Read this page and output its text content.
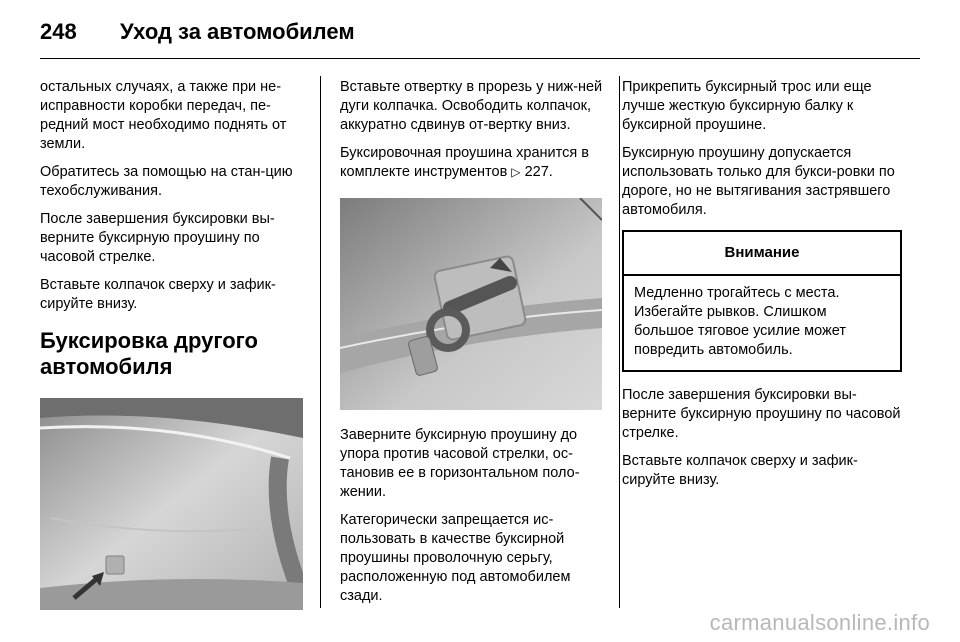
248	Уход за автомобилем

остальных случаях, а также при не-исправности коробки передач, пе-редний мост необходимо поднять от земли.

Обратитесь за помощью на стан-цию техобслуживания.

После завершения буксировки вы-верните буксирную проушину по часовой стрелке.

Вставьте колпачок сверху и зафик-сируйте внизу.

Буксировка другого
автомобиля

Вставьте отвертку в прорезь у ниж-ней дуги колпачка. Освободить колпачок, аккуратно сдвинув от-вертку вниз.

Буксировочная проушина хранится в комплекте инструментов ▷ 227.

Заверните буксирную проушину до упора против часовой стрелки, ос-тановив ее в горизонтальном поло-жении.

Категорически запрещается ис-пользовать в качестве буксирной проушины проволочную серьгу, расположенную под автомобилем сзади.

Прикрепить буксирный трос или еще лучше жесткую буксирную балку к буксирной проушине.

Буксирную проушину допускается использовать только для букси-ровки по дороге, но не вытягивания застрявшего автомобиля.

Внимание
Медленно трогайтесь с места. Избегайте рывков. Слишком большое тяговое усилие может повредить автомобиль.

После завершения буксировки вы-верните буксирную проушину по часовой стрелке.

Вставьте колпачок сверху и зафик-сируйте внизу.

carmanualsonline.info
